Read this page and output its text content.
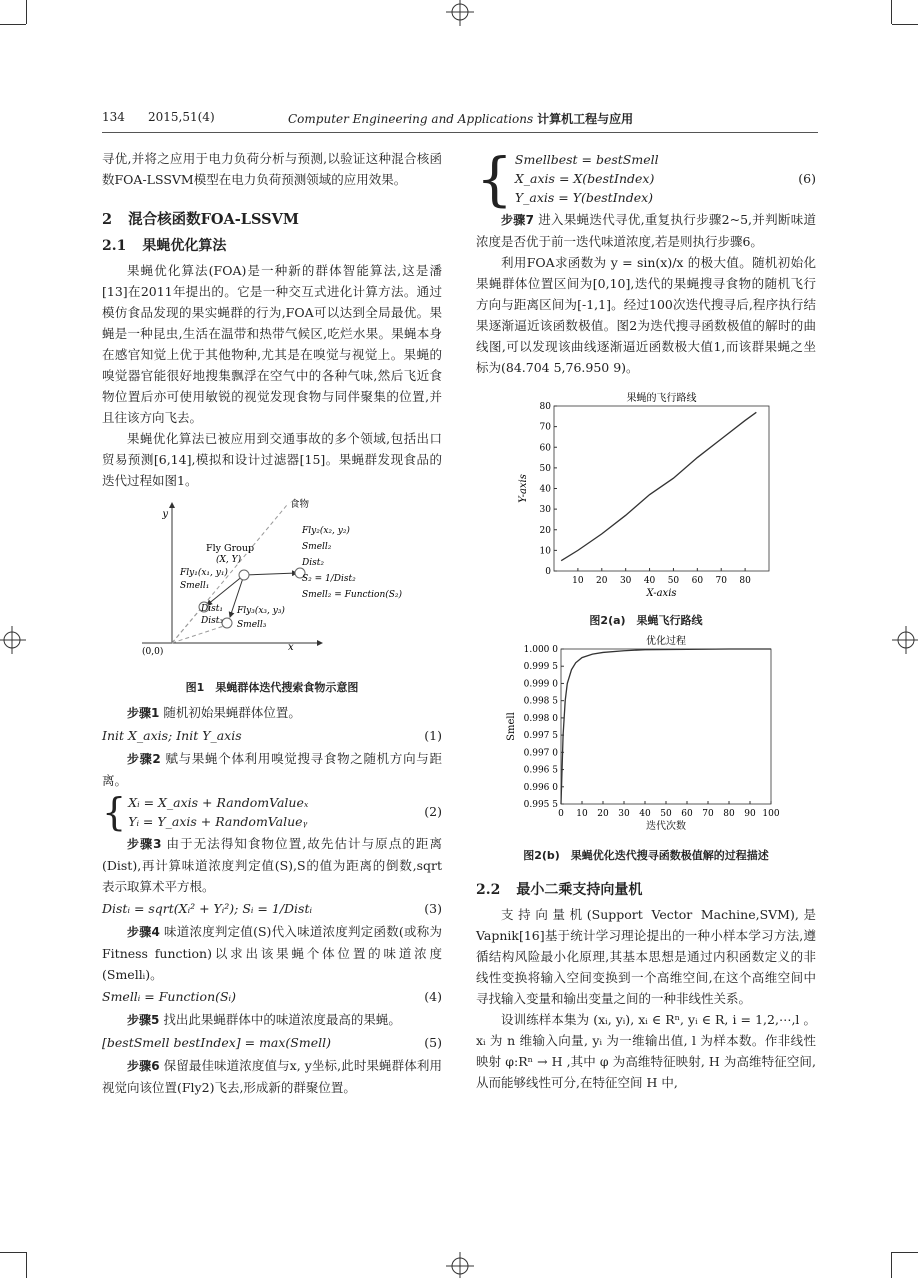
134 2015,51(4)	Computer Engineering and Applications 计算机工程与应用

寻优,并将之应用于电力负荷分析与预测,以验证这种混合核函数FOA-LSSVM模型在电力负荷预测领域的应用效果。

2 混合核函数FOA-LSSVM
2.1 果蝇优化算法

果蝇优化算法(FOA)是一种新的群体智能算法,这是潘[13]在2011年提出的。它是一种交互式进化计算方法。通过模仿食品发现的果实蝇群的行为,FOA可以达到全局最优。果蝇是一种昆虫,生活在温带和热带气候区,吃烂水果。果蝇本身在感官知觉上优于其他物种,尤其是在嗅觉与视觉上。果蝇的嗅觉器官能很好地搜集飘浮在空气中的各种气味,然后飞近食物位置后亦可使用敏锐的视觉发现食物与同伴聚集的位置,并且往该方向飞去。

果蝇优化算法已被应用到交通事故的多个领域,包括出口贸易预测[6,14],模拟和设计过滤器[15]。果蝇群发现食品的迭代过程如图1。

y
x
(0,0)
食物
Fly Group
(X, Y)
Fly₁(x₁, y₁)
Smell₁
Dist₁
Dist₃
Fly₃(x₃, y₃)
Smell₃
Fly₂(x₂, y₂)
Smell₂
Dist₂
S₂ = 1/Dist₂
Smell₂ = Function(S₂)
图1　果蝇群体迭代搜索食物示意图

步骤1 随机初始果蝇群体位置。

Init X_axis; Init Y_axis	(1)

步骤2 赋与果蝇个体利用嗅觉搜寻食物之随机方向与距离。

{ Xᵢ = X_axis + RandomValueₓ
Yᵢ = Y_axis + RandomValueᵧ
(2)

步骤3 由于无法得知食物位置,故先估计与原点的距离(Dist),再计算味道浓度判定值(S),S的值为距离的倒数,sqrt 表示取算术平方根。

Distᵢ = sqrt(Xᵢ² + Yᵢ²); Sᵢ = 1/Distᵢ	(3)

步骤4 味道浓度判定值(S)代入味道浓度判定函数(或称为Fitness function)以求出该果蝇个体位置的味道浓度(Smellᵢ)。

Smellᵢ = Function(Sᵢ)	(4)

步骤5 找出此果蝇群体中的味道浓度最高的果蝇。

[bestSmell bestIndex] = max(Smell)	(5)

步骤6 保留最佳味道浓度值与x, y坐标,此时果蝇群体利用视觉向该位置(Fly2)飞去,形成新的群聚位置。

{ Smellbest = bestSmell
X_axis = X(bestIndex)
Y_axis = Y(bestIndex)
(6)

步骤7 进入果蝇迭代寻优,重复执行步骤2~5,并判断味道浓度是否优于前一迭代味道浓度,若是则执行步骤6。

利用FOA求函数为 y = sin(x)/x 的极大值。随机初始化果蝇群体位置区间为[0,10],迭代的果蝇搜寻食物的随机飞行方向与距离区间为[-1,1]。经过100次迭代搜寻后,程序执行结果逐渐逼近该函数极值。图2为迭代搜寻函数极值的解时的曲线图,可以发现该曲线逐渐逼近函数极大值1,而该群果蝇之坐标为(84.704 5,76.950 9)。

果蝇的飞行路线
10 20 30 40 50 60 70 80
0
10
20
30
40
50
60
70
80
X-axis
Y-axis
图2(a)　果蝇飞行路线
优化过程
0 10 20 30 40 50 60 70 80 90 100
0.995 5
0.996 0
0.996 5
0.997 0
0.997 5
0.998 0
0.998 5
0.999 0
0.999 5
1.000 0
迭代次数
Smell
图2(b)　果蝇优化迭代搜寻函数极值解的过程描述
2.2 最小二乘支持向量机

支持向量机(Support Vector Machine,SVM),是Vapnik[16]基于统计学习理论提出的一种小样本学习方法,遵循结构风险最小化原理,其基本思想是通过内积函数定义的非线性变换将输入空间变换到一个高维空间,在这个高维空间中寻找输入变量和输出变量之间的一种非线性关系。

设训练样本集为 (xᵢ, yᵢ), xᵢ ∈ Rⁿ, yᵢ ∈ R, i = 1,2,⋯,l 。xᵢ 为 n 维输入向量, yᵢ 为一维输出值, l 为样本数。作非线性映射 φ:Rⁿ → H ,其中 φ 为高维特征映射, H 为高维特征空间,从而能够线性可分,在特征空间 H 中,
